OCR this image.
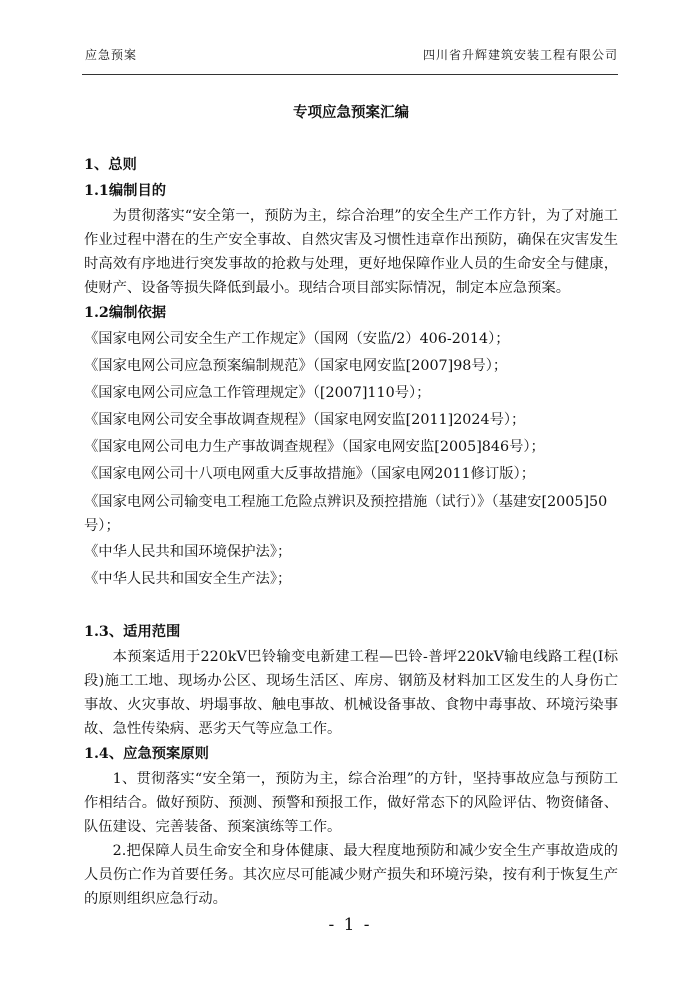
应急预案	四川省升辉建筑安装工程有限公司
专项应急预案汇编
1、总则
1.1编制目的
为贯彻落实“安全第一，预防为主，综合治理”的安全生产工作方针，为了对施工作业过程中潜在的生产安全事故、自然灾害及习惯性违章作出预防，确保在灾害发生时高效有序地进行突发事故的抢救与处理，更好地保障作业人员的生命安全与健康，使财产、设备等损失降低到最小。现结合项目部实际情况，制定本应急预案。
1.2编制依据
《国家电网公司安全生产工作规定》（国网（安监/2）406-2014）；
《国家电网公司应急预案编制规范》（国家电网安监[2007]98号）；
《国家电网公司应急工作管理规定》（[2007]110号）；
《国家电网公司安全事故调查规程》（国家电网安监[2011]2024号）；
《国家电网公司电力生产事故调查规程》（国家电网安监[2005]846号）；
《国家电网公司十八项电网重大反事故措施》（国家电网2011修订版）；
《国家电网公司输变电工程施工危险点辨识及预控措施（试行）》（基建安[2005]50号）；
《中华人民共和国环境保护法》；
《中华人民共和国安全生产法》；
1.3、适用范围
本预案适用于220kV巴铃输变电新建工程—巴铃-普坪220kV输电线路工程(I标段)施工工地、现场办公区、现场生活区、库房、钢筋及材料加工区发生的人身伤亡事故、火灾事故、坍塌事故、触电事故、机械设备事故、食物中毒事故、环境污染事故、急性传染病、恶劣天气等应急工作。
1.4、应急预案原则
1、贯彻落实“安全第一，预防为主，综合治理”的方针，坚持事故应急与预防工作相结合。做好预防、预测、预警和预报工作，做好常态下的风险评估、物资储备、队伍建设、完善装备、预案演练等工作。
2.把保障人员生命安全和身体健康、最大程度地预防和减少安全生产事故造成的人员伤亡作为首要任务。其次应尽可能减少财产损失和环境污染，按有利于恢复生产的原则组织应急行动。
- 1 -
